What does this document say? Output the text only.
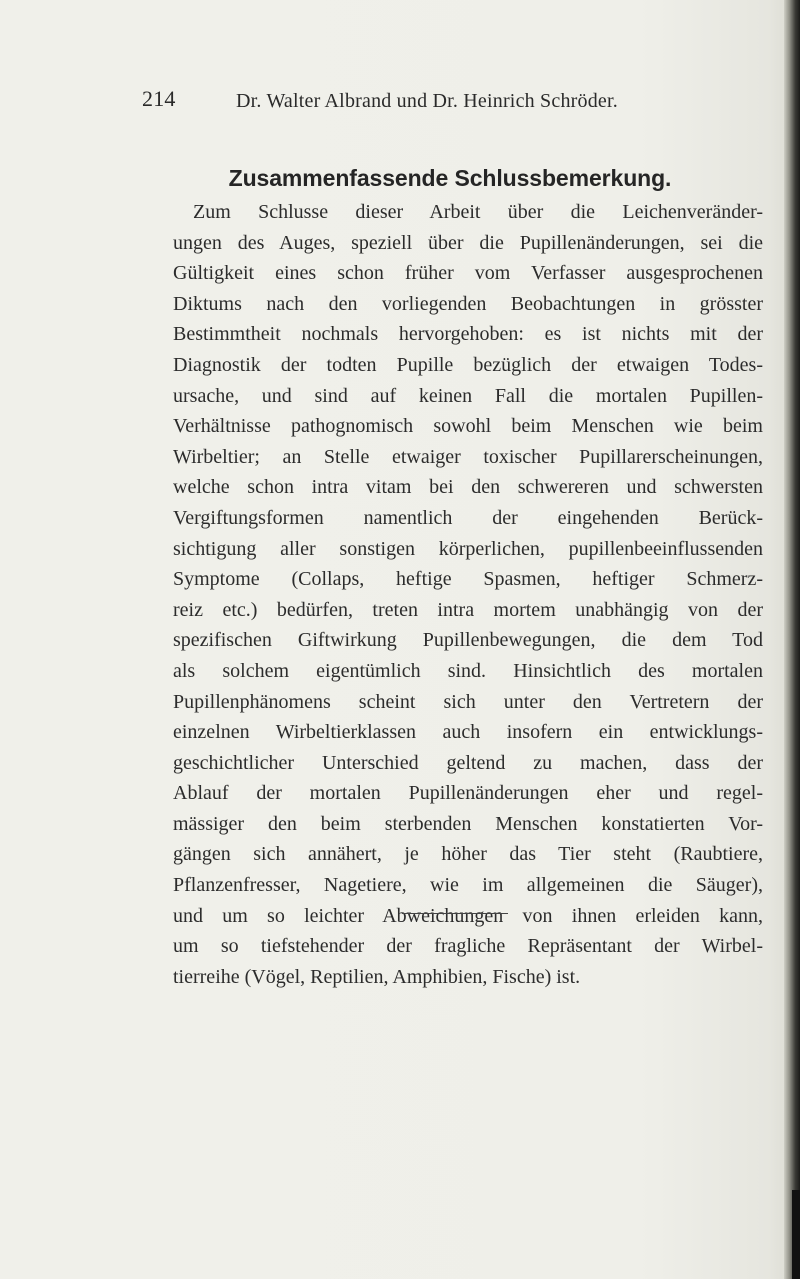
214	Dr. Walter Albrand und Dr. Heinrich Schröder.
Zusammenfassende Schlussbemerkung.
Zum Schlusse dieser Arbeit über die Leichenveränder-
ungen des Auges, speziell über die Pupillenänderungen, sei die
Gültigkeit eines schon früher vom Verfasser ausgesprochenen
Diktums nach den vorliegenden Beobachtungen in grösster
Bestimmtheit nochmals hervorgehoben: es ist nichts mit der
Diagnostik der todten Pupille bezüglich der etwaigen Todes-
ursache, und sind auf keinen Fall die mortalen Pupillen-
Verhältnisse pathognomisch sowohl beim Menschen wie beim
Wirbeltier; an Stelle etwaiger toxischer Pupillarerscheinungen,
welche schon intra vitam bei den schwereren und schwersten
Vergiftungsformen namentlich der eingehenden Berück-
sichtigung aller sonstigen körperlichen, pupillenbeeinflussenden
Symptome (Collaps, heftige Spasmen, heftiger Schmerz-
reiz etc.) bedürfen, treten intra mortem unabhängig von der
spezifischen Giftwirkung Pupillenbewegungen, die dem Tod
als solchem eigentümlich sind. Hinsichtlich des mortalen
Pupillenphänomens scheint sich unter den Vertretern der
einzelnen Wirbeltierklassen auch insofern ein entwicklungs-
geschichtlicher Unterschied geltend zu machen, dass der
Ablauf der mortalen Pupillenänderungen eher und regel-
mässiger den beim sterbenden Menschen konstatierten Vor-
gängen sich annähert, je höher das Tier steht (Raubtiere,
Pflanzenfresser, Nagetiere, wie im allgemeinen die Säuger),
und um so leichter Abweichungen von ihnen erleiden kann,
um so tiefstehender der fragliche Repräsentant der Wirbel-
tierreihe (Vögel, Reptilien, Amphibien, Fische) ist.
